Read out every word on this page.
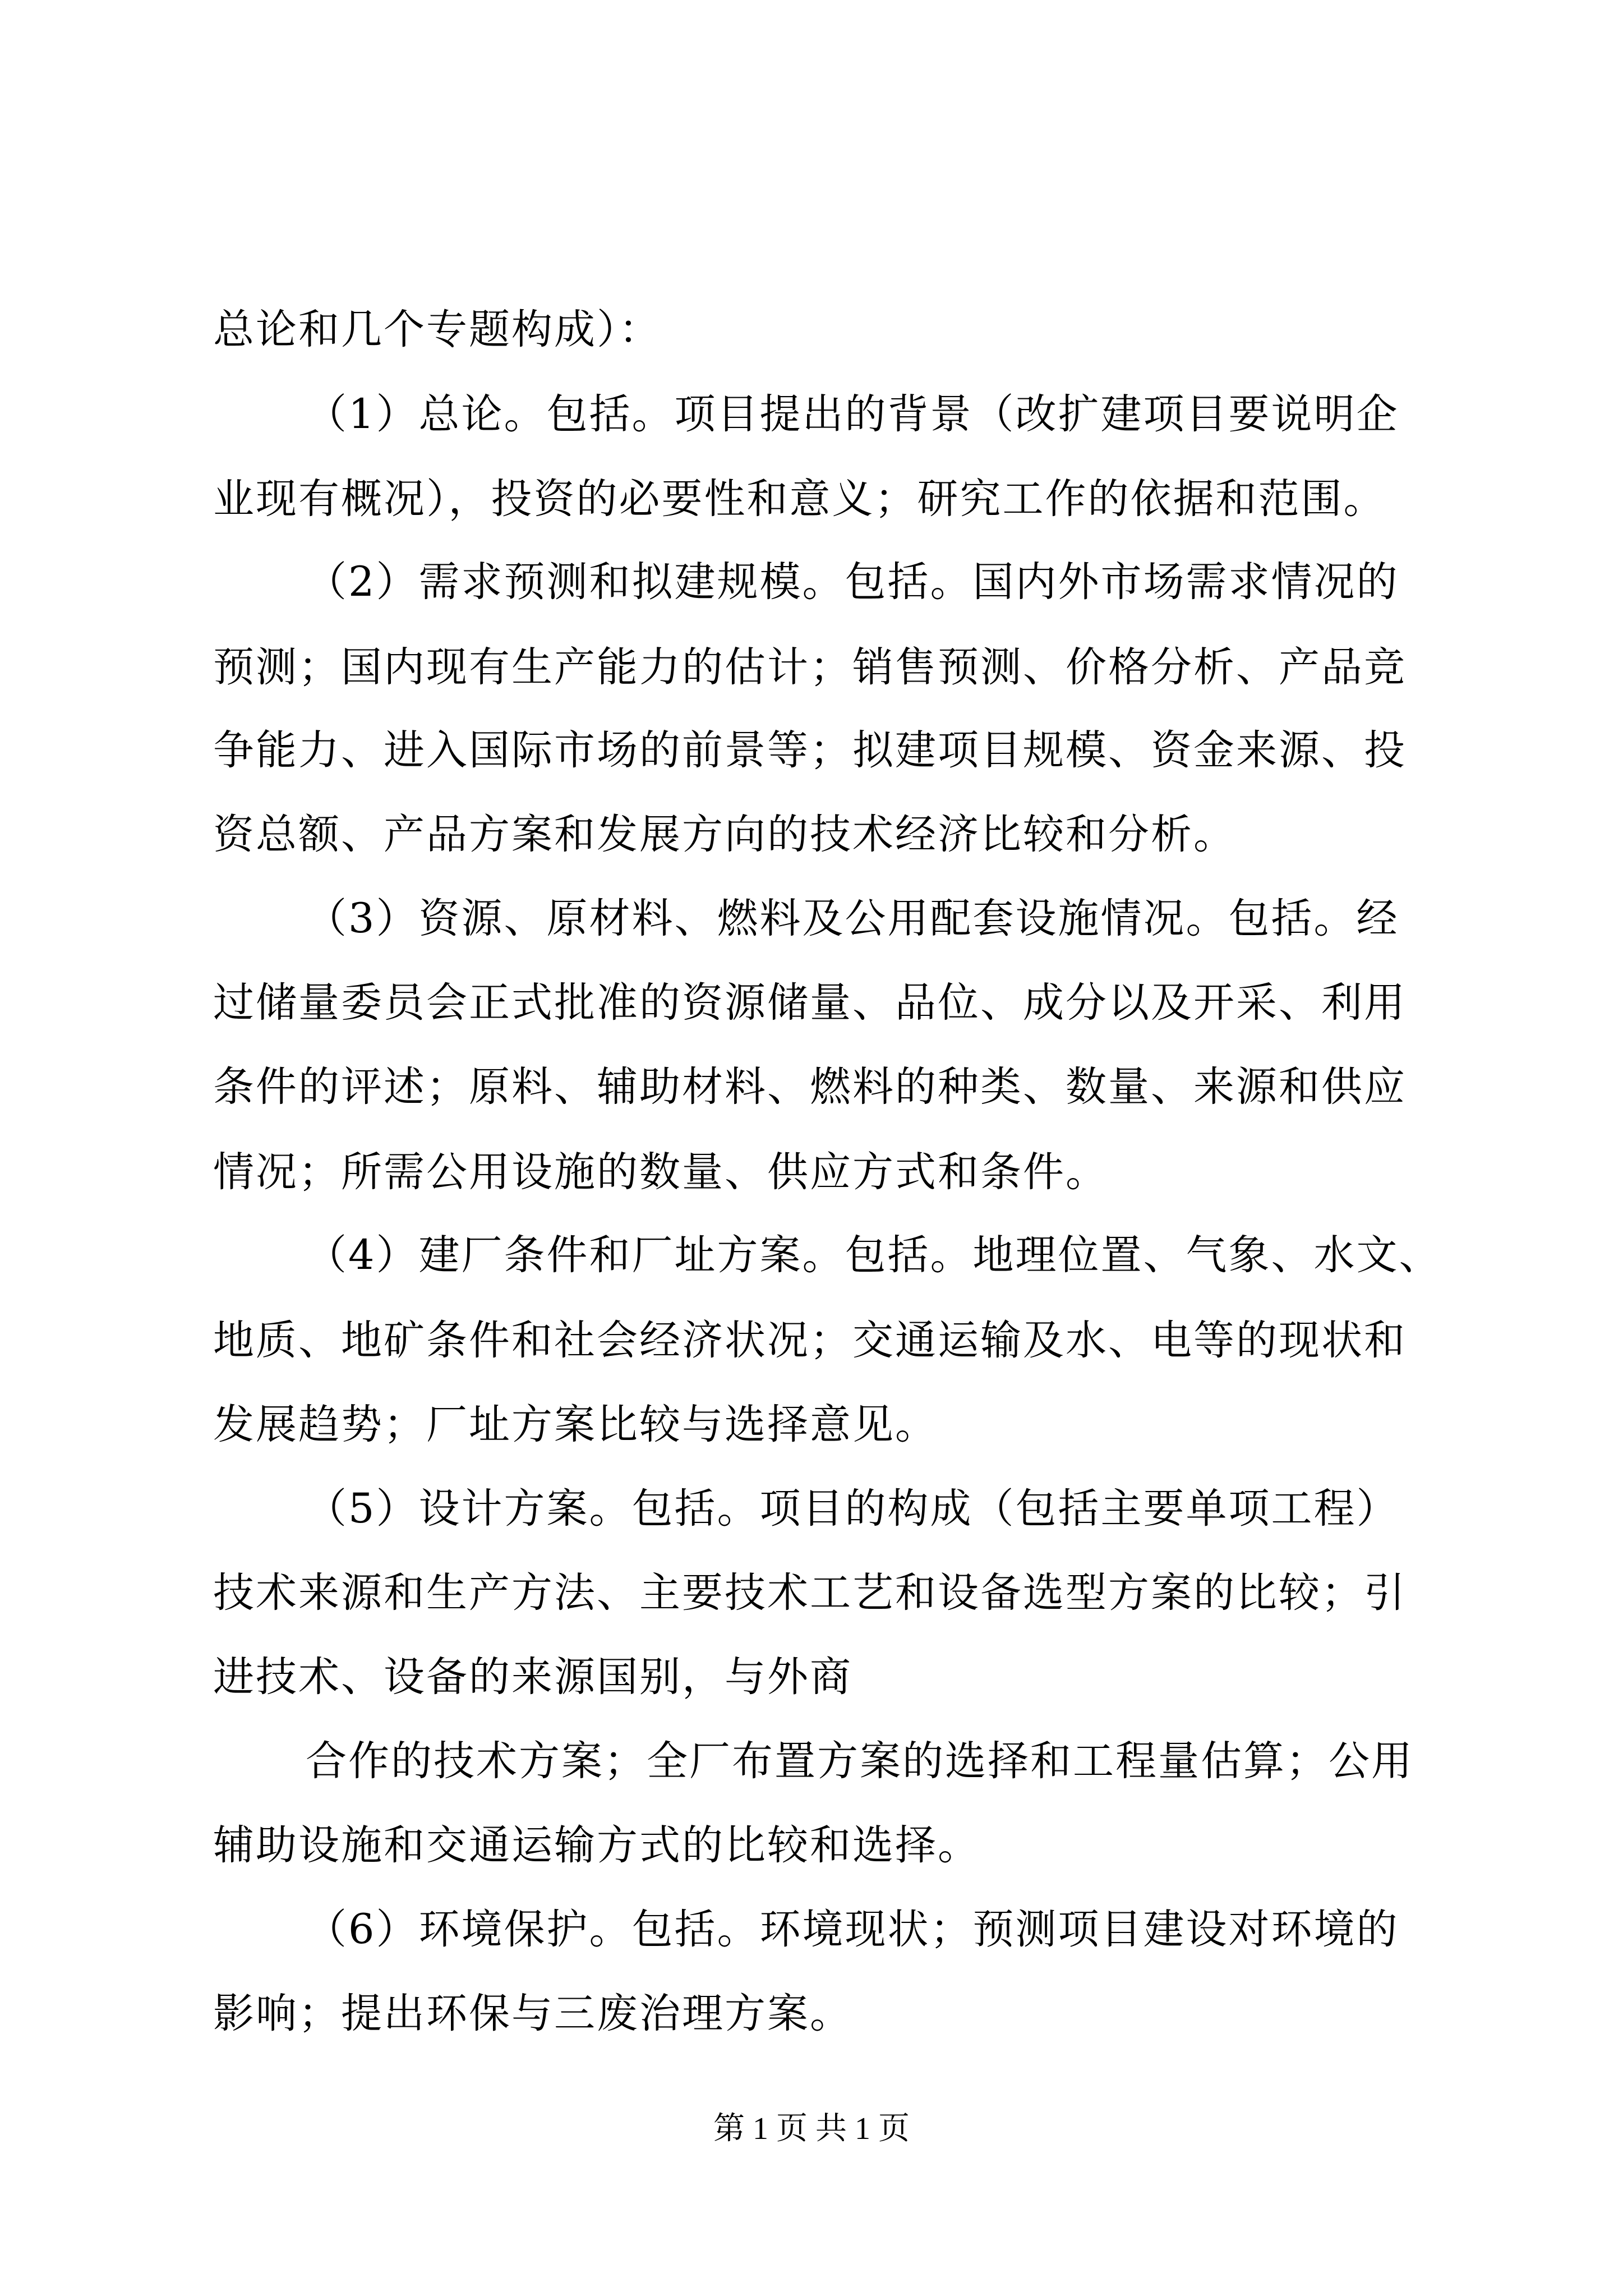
总论和几个专题构成）：
（1）总论。包括。项目提出的背景（改扩建项目要说明企
业现有概况），投资的必要性和意义；研究工作的依据和范围。
（2）需求预测和拟建规模。包括。国内外市场需求情况的
预测；国内现有生产能力的估计；销售预测、价格分析、产品竞
争能力、进入国际市场的前景等；拟建项目规模、资金来源、投
资总额、产品方案和发展方向的技术经济比较和分析。
（3）资源、原材料、燃料及公用配套设施情况。包括。经
过储量委员会正式批准的资源储量、品位、成分以及开采、利用
条件的评述；原料、辅助材料、燃料的种类、数量、来源和供应
情况；所需公用设施的数量、供应方式和条件。
（4）建厂条件和厂址方案。包括。地理位置、气象、水文、
地质、地矿条件和社会经济状况；交通运输及水、电等的现状和
发展趋势；厂址方案比较与选择意见。
（5）设计方案。包括。项目的构成（包括主要单项工程）
技术来源和生产方法、主要技术工艺和设备选型方案的比较；引
进技术、设备的来源国别，与外商
合作的技术方案；全厂布置方案的选择和工程量估算；公用
辅助设施和交通运输方式的比较和选择。
（6）环境保护。包括。环境现状；预测项目建设对环境的
影响；提出环保与三废治理方案。
第 1 页 共 1 页
